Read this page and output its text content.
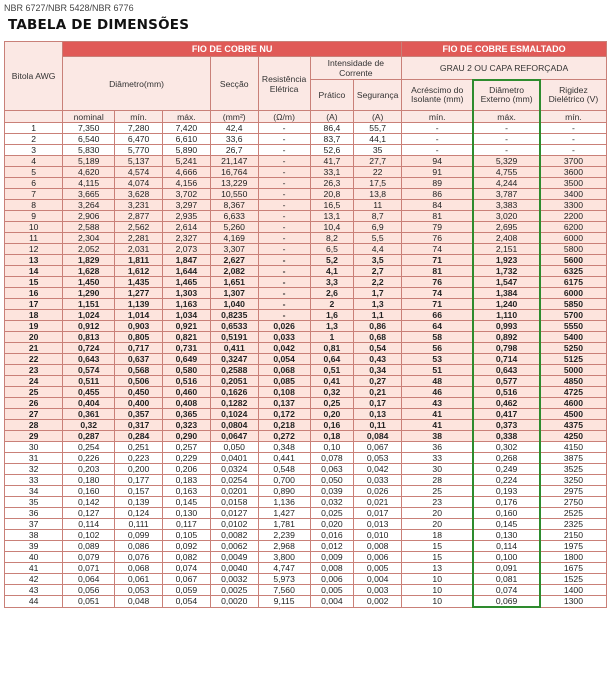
NBR 6727/NBR 5428/NBR 6776
TABELA DE DIMENSÕES
Bitola AWG	FIO DE COBRE NU							FIO DE COBRE ESMALTADO		
	Diâmetro(mm)			Secção	Resistência Elétrica	Intensidade de Corrente		GRAU 2 OU CAPA REFORÇADA		
						Prático	Segurança	Acréscimo do Isolante (mm)	Diâmetro Externo (mm)	Rigidez Dielétrico (V)
	nominal	mín.	máx.	(mm²)	(Ω/m)	(A)	(A)	mín.	máx.	mín.
1	7,350	7,280	7,420	42,4	-	86,4	55,7	-	-	-
2	6,540	6,470	6,610	33,6	-	83,7	44,1	-	-	-
3	5,830	5,770	5,890	26,7	-	52,6	35	-	-	-
4	5,189	5,137	5,241	21,147	-	41,7	27,7	94	5,329	3700
5	4,620	4,574	4,666	16,764	-	33,1	22	91	4,755	3600
6	4,115	4,074	4,156	13,229	-	26,3	17,5	89	4,244	3500
7	3,665	3,628	3,702	10,550	-	20,8	13,8	86	3,787	3400
8	3,264	3,231	3,297	8,367	-	16,5	11	84	3,383	3300
9	2,906	2,877	2,935	6,633	-	13,1	8,7	81	3,020	2200
10	2,588	2,562	2,614	5,260	-	10,4	6,9	79	2,695	6200
11	2,304	2,281	2,327	4,169	-	8,2	5,5	76	2,408	6000
12	2,052	2,031	2,073	3,307	-	6,5	4,4	74	2,151	5800
13	1,829	1,811	1,847	2,627	-	5,2	3,5	71	1,923	5600
14	1,628	1,612	1,644	2,082	-	4,1	2,7	81	1,732	6325
15	1,450	1,435	1,465	1,651	-	3,3	2,2	76	1,547	6175
16	1,290	1,277	1,303	1,307	-	2,6	1,7	74	1,384	6000
17	1,151	1,139	1,163	1,040	-	2	1,3	71	1,240	5850
18	1,024	1,014	1,034	0,8235	-	1,6	1,1	66	1,110	5700
19	0,912	0,903	0,921	0,6533	0,026	1,3	0,86	64	0,993	5550
20	0,813	0,805	0,821	0,5191	0,033	1	0,68	58	0,892	5400
21	0,724	0,717	0,731	0,411	0,042	0,81	0,54	56	0,798	5250
22	0,643	0,637	0,649	0,3247	0,054	0,64	0,43	53	0,714	5125
23	0,574	0,568	0,580	0,2588	0,068	0,51	0,34	51	0,643	5000
24	0,511	0,506	0,516	0,2051	0,085	0,41	0,27	48	0,577	4850
25	0,455	0,450	0,460	0,1626	0,108	0,32	0,21	46	0,516	4725
26	0,404	0,400	0,408	0,1282	0,137	0,25	0,17	43	0,462	4600
27	0,361	0,357	0,365	0,1024	0,172	0,20	0,13	41	0,417	4500
28	0,32	0,317	0,323	0,0804	0,218	0,16	0,11	41	0,373	4375
29	0,287	0,284	0,290	0,0647	0,272	0,18	0,084	38	0,338	4250
30	0,254	0,251	0,257	0,050	0,348	0,10	0,067	36	0,302	4150
31	0,226	0,223	0,229	0,0401	0,441	0,078	0,053	33	0,268	3875
32	0,203	0,200	0,206	0,0324	0,548	0,063	0,042	30	0,249	3525
33	0,180	0,177	0,183	0,0254	0,700	0,050	0,033	28	0,224	3250
34	0,160	0,157	0,163	0,0201	0,890	0,039	0,026	25	0,193	2975
35	0,142	0,139	0,145	0,0158	1,136	0,032	0,021	23	0,176	2750
36	0,127	0,124	0,130	0,0127	1,427	0,025	0,017	20	0,160	2525
37	0,114	0,111	0,117	0,0102	1,781	0,020	0,013	20	0,145	2325
38	0,102	0,099	0,105	0,0082	2,239	0,016	0,010	18	0,130	2150
39	0,089	0,086	0,092	0,0062	2,968	0,012	0,008	15	0,114	1975
40	0,079	0,076	0,082	0,0049	3,800	0,009	0,006	15	0,100	1800
41	0,071	0,068	0,074	0,0040	4,747	0,008	0,005	13	0,091	1675
42	0,064	0,061	0,067	0,0032	5,973	0,006	0,004	10	0,081	1525
43	0,056	0,053	0,059	0,0025	7,560	0,005	0,003	10	0,074	1400
44	0,051	0,048	0,054	0,0020	9,115	0,004	0,002	10	0,069	1300
